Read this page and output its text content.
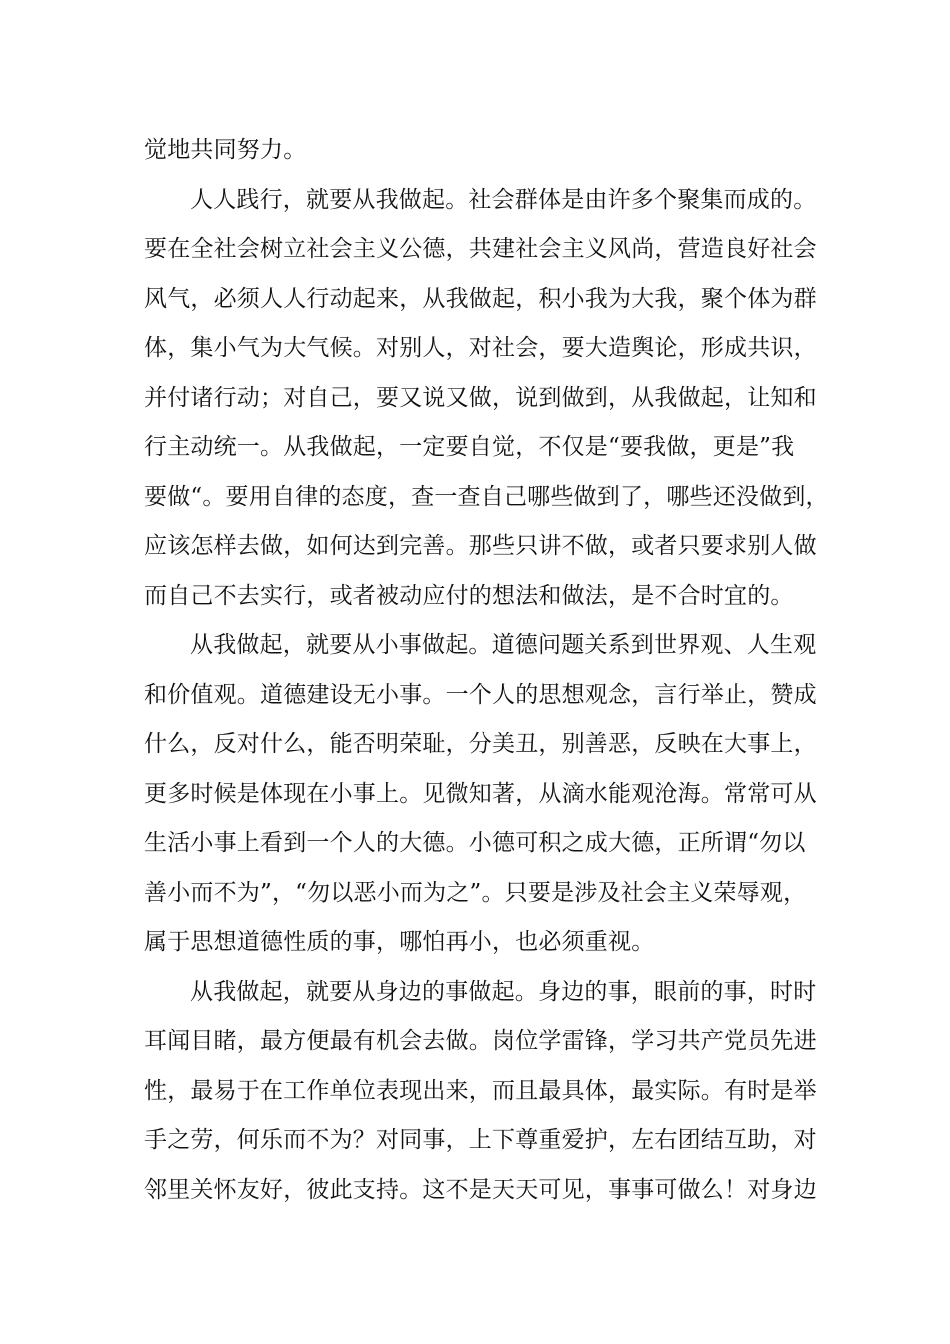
觉地共同努力。
人人践行，就要从我做起。社会群体是由许多个聚集而成的。
要在全社会树立社会主义公德，共建社会主义风尚，营造良好社会
风气，必须人人行动起来，从我做起，积小我为大我，聚个体为群
体，集小气为大气候。对别人，对社会，要大造舆论，形成共识，
并付诸行动；对自己，要又说又做，说到做到，从我做起，让知和
行主动统一。从我做起，一定要自觉，不仅是“要我做，更是”我
要做“。要用自律的态度，查一查自己哪些做到了，哪些还没做到，
应该怎样去做，如何达到完善。那些只讲不做，或者只要求别人做
而自己不去实行，或者被动应付的想法和做法，是不合时宜的。
从我做起，就要从小事做起。道德问题关系到世界观、人生观
和价值观。道德建设无小事。一个人的思想观念，言行举止，赞成
什么，反对什么，能否明荣耻，分美丑，别善恶，反映在大事上，
更多时候是体现在小事上。见微知著，从滴水能观沧海。常常可从
生活小事上看到一个人的大德。小德可积之成大德，正所谓“勿以
善小而不为”，“勿以恶小而为之”。只要是涉及社会主义荣辱观，
属于思想道德性质的事，哪怕再小，也必须重视。
从我做起，就要从身边的事做起。身边的事，眼前的事，时时
耳闻目睹，最方便最有机会去做。岗位学雷锋，学习共产党员先进
性，最易于在工作单位表现出来，而且最具体，最实际。有时是举
手之劳，何乐而不为？对同事，上下尊重爱护，左右团结互助，对
邻里关怀友好，彼此支持。这不是天天可见，事事可做么！对身边
